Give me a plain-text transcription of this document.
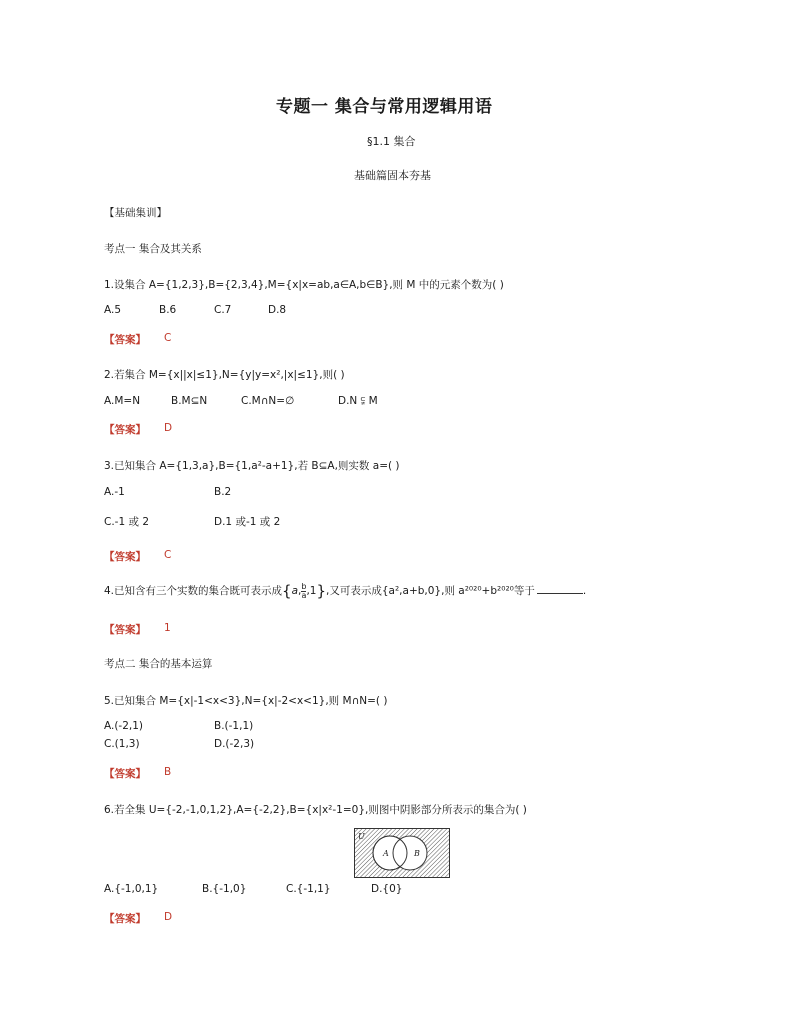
专题一 集合与常用逻辑用语
§1.1 集合
基础篇固本夯基
【基础集训】
考点一 集合及其关系
1.设集合 A={1,2,3},B={2,3,4},M={x|x=ab,a∈A,b∈B},则 M 中的元素个数为( )
A.5	B.6	C.7	D.8
【答案】 C
2.若集合 M={x||x|≤1},N={y|y=x²,|x|≤1},则( )
A.M=N	B.M⊆N	C.M∩N=∅	D.N ⫋ M
【答案】 D
3.已知集合 A={1,3,a},B={1,a²-a+1},若 B⊆A,则实数 a=( )
A.-1	B.2
C.-1 或 2	D.1 或-1 或 2
【答案】 C
4.已知含有三个实数的集合既可表示成{a, $\frac{b}{a} ,1$},又可表示成{a²,a+b,0},则 a²⁰²⁰+b²⁰²⁰等于	.
【答案】 1
考点二 集合的基本运算
5.已知集合 M={x|-1<x<3},N={x|-2<x<1},则 M∩N=( )
A.(-2,1)	B.(-1,1)
C.(1,3)	D.(-2,3)
【答案】 B
6.若全集 U={-2,-1,0,1,2},A={-2,2},B={x|x²-1=0},则图中阴影部分所表示的集合为( )
U
A	B
A.{-1,0,1}	B.{-1,0}	C.{-1,1}	D.{0}
【答案】 D
